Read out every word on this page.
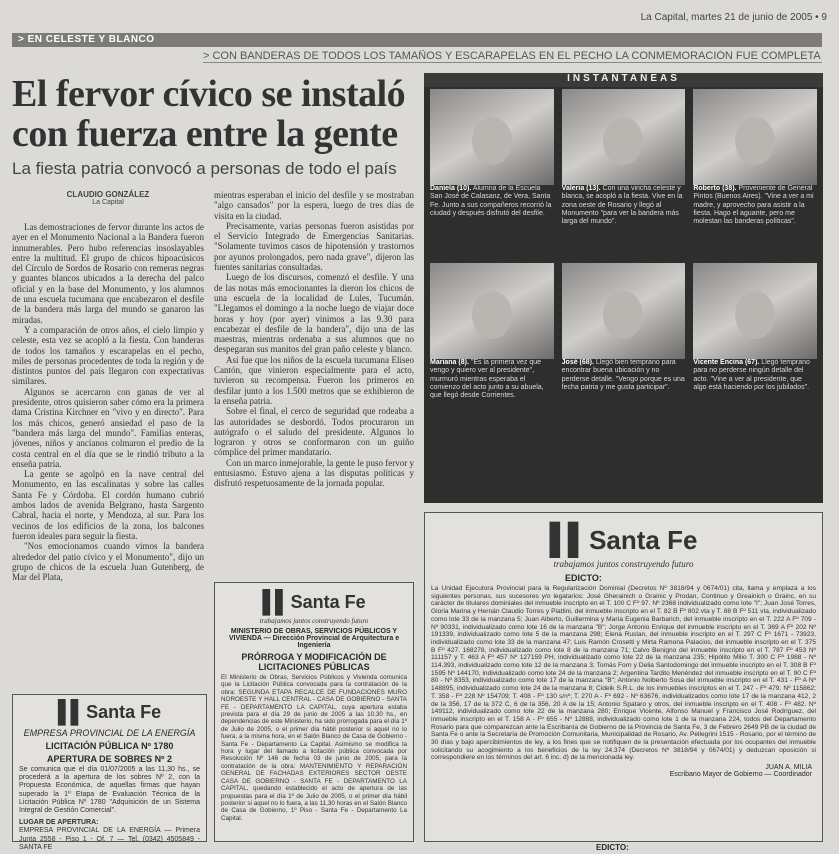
La Capital, martes 21 de junio de 2005 • 9
> EN CELESTE Y BLANCO
> CON BANDERAS DE TODOS LOS TAMAÑOS Y ESCARAPELAS EN EL PECHO LA CONMEMORACIÓN FUE COMPLETA
El fervor cívico se instaló con fuerza entre la gente
La fiesta patria convocó a personas de todo el país
CLAUDIO GONZÁLEZ
La Capital

Las demostraciones de fervor durante los actos de ayer en el Monumento Nacional a la Bandera fueron innumerables. Pero hubo referencias insoslayables entre la multitud. El grupo de chicos hipoacúsicos del Círculo de Sordos de Rosario con remeras negras y guantes blancos ubicados a la derecha del palco oficial y en la base del Monumento, y los alumnos de una escuela tucumana que encabezaron el desfile de la bandera más larga del mundo se ganaron las miradas.

Y a comparación de otros años, el cielo limpio y celeste, esta vez se acopló a la fiesta. Con banderas de todos los tamaños y escarapelas en el pecho, miles de personas procedentes de toda la región y de distintos puntos del país llegaron con expectativas similares.

Algunos se acercaron con ganas de ver al presidente, otros quisieron saber cómo era la primera dama Cristina Kirchner en "vivo y en directo". Para los más chicos, generó ansiedad el paso de la "bandera más larga del mundo". Familias enteras, jóvenes, niños y ancianos colmaron el predio de la costa central en el día que se le rindió tributo a la enseña patria.

La gente se agolpó en la nave central del Monumento, en las escalinatas y sobre las calles Santa Fe y Córdoba. El cordón humano cubrió ambos lados de avenida Belgrano, hasta Sargento Cabral, hacia el norte, y Mendoza, al sur. Para los vecinos de los edificios de la zona, los balcones fueron ideales para seguir la fiesta.

"Nos emocionamos cuando vimos la bandera alrededor del patio cívico y el Monumento", dijo un grupo de chicos de la escuela Juan Gutenberg, de Mar del Plata,

mientras esperaban el inicio del desfile y se mostraban "algo cansados" por la espera, luego de tres días de visita en la ciudad.

Precisamente, varias personas fueron asistidas por el Servicio Integrado de Emergencias Sanitarias. "Solamente tuvimos casos de hipotensión y trastornos por ayunos prolongados, pero nada grave", dijeron las fuentes sanitarias consultadas.

Luego de los discursos, comenzó el desfile. Y una de las notas más emocionantes la dieron los chicos de una escuela de la localidad de Lules, Tucumán. "Llegamos el domingo a la noche luego de viajar doce horas y hoy (por ayer) vinimos a las 9.30 para encabezar el desfile de la bandera", dijo una de las maestras, mientras ordenaba a sus alumnos que no despegaran sus manitos del gran paño celeste y blanco.

Así fue que los niños de la escuela tucumana Eliseo Cantón, que vinieron especialmente para el acto, tuvieron su recompensa. Fueron los primeros en desfilar junto a los 1.500 metros que se exhibieron de la enseña patria.

Sobre el final, el cerco de seguridad que rodeaba a las autoridades se desbordó. Todos procuraron un autógrafo o el saludo del presidente. Algunos lo lograron y otros se conformaron con un guiño cómplice del primer mandatario.

Con un marco inmejorable, la gente le puso fervor y entusiasmo. Estuvo ajena a las disputas políticas y disfrutó respetuosamente de la jornada popular.

INSTANTANEAS
Daniela (10). Alumna de la Escuela San José de Calasanz, de Vera, Santa Fe. Junto a sus compañeros recorrió la ciudad y después disfrutó del desfile.
Valeria (13). Con una vincha celeste y blanca, se acopló a la fiesta. Vive en la zona oeste de Rosario y llegó al Monumento "para ver la bandera más larga del mundo".
Roberto (38). Proveniente de General Pintos (Buenos Aires). "Vine a ver a mi madre, y aprovecho para asistir a la fiesta. Hago el aguante, pero me molestan las banderas políticas".
Mariana (8). "Es la primera vez que vengo y quiero ver al presidente", murmuró mientras esperaba el comienzo del acto junto a su abuela, que llegó desde Corrientes.
José (68). Llegó bien temprano para encontrar buena ubicación y no perderse detalle. "Vengo porque es una fecha patria y me gusta participar".
Vicente Encina (67). Llegó temprano para no perderse ningún detalle del acto. "Vine a ver al presidente, que algo está haciendo por los jubilados".
▌▌ Santa Fe
EMPRESA PROVINCIAL DE LA ENERGÍA
LICITACIÓN PÚBLICA Nº 1780
APERTURA DE SOBRES Nº 2
Se comunica que el día 01/07/2005 a las 11,30 hs., se procederá a la apertura de los sobres Nº 2, con la Propuesta Económica, de aquellas firmas que hayan superado la 1º Etapa de Evaluación Técnica de la Licitación Pública Nº 1780 "Adquisición de un Sistema Integral de Gestión Comercial".
LUGAR DE APERTURA:
EMPRESA PROVINCIAL DE LA ENERGÍA — Primera Junta 2558 - Piso 1 - Of. 7 — Tel. (0342) 4505849 - SANTA FE
▌▌ Santa Fe
trabajamos juntos construyendo futuro
MINISTERIO DE OBRAS, SERVICIOS PÚBLICOS Y VIVIENDA — Dirección Provincial de Arquitectura e Ingeniería
PRÓRROGA Y MODIFICACIÓN DE LICITACIONES PÚBLICAS
El Ministerio de Obras, Servicios Públicos y Vivienda comunica que la Licitación Pública convocada para la contratación de la obra: SEGUNDA ETAPA RECALCE DE FUNDACIONES MURO NOROESTE Y HALL CENTRAL - CASA DE GOBIERNO - SANTA FE - DEPARTAMENTO LA CAPITAL, cuya apertura estaba prevista para el día 29 de junio de 2005 a las 10.30 hs., en dependencias de este Ministerio, ha sido prorrogada para el día 1º de Julio de 2005, o el primer día hábil posterior si aquel no lo fuera, a la misma hora, en el Salón Blanco de Casa de Gobierno - Santa Fe - Departamento La Capital. Asimismo se modifica la hora y lugar del llamado a licitación pública convocada por Resolución Nº 146 de fecha 03 de junio de 2005, para la contratación de la obra: MANTENIMIENTO Y REPARACIÓN GENERAL DE FACHADAS EXTERIORES SECTOR OESTE CASA DE GOBIERNO - SANTA FE - DEPARTAMENTO LA CAPITAL, quedando establecido el acto de apertura de las propuestas para el día 1º de Julio de 2005, o el primer día hábil posterior si aquel no lo fuera, a las 11,30 horas en el Salón Blanco de Casa de Gobierno, 1º Piso - Santa Fe - Departamento La Capital.
▌▌ Santa Fe
trabajamos juntos construyendo futuro
EDICTO:
La Unidad Ejecutora Provincial para la Regularización Dominial (Decretos Nº 3818/94 y 0674/01) cita, llama y emplaza a los siguientes personas, sus sucesores y/o legatarios: José Gherainich o Grainic y Prodan, Continuo y Greainich o Grainc, en su carácter de titulares dominiales del inmueble inscripto en el T. 100 C Fº 97. Nº 2368 individualizado como lote "I"; Juan José Torres, Gloria Marina y Hernán Claudio Torres y Piattini, del inmueble inscripto en el T. 82 B Fº 802 vta y T. 88 B Fº 511 vta, individualizado como lote 33 de la manzana 5; Juan Alberto, Guillermina y María Eugenia Barbarich, del inmueble inscripto en el T. 222 A Fº 709 - Nº 90331, individualizado como lote 16 de la manzana "B"; Jorge Antonio Enrique del inmueble inscripto en el T. 369 A Fº 202 Nº 191339, individualizado como lote 5 de la manzana 298; Elena Ruslan, del inmueble inscripto en el T. 297 C Fº 1671 - 73923, individualizado como lote 33 de la manzana 47; Luis Ramón Crosetti y Mirta Ramona Palacios, del inmueble inscripto en el T. 375 B Fº 427. 168278, individualizado como lote 8 de la manzana 71; Calvo Benigno del inmueble inscripto en el T. 787 Fº 453 Nº 111157 y T. 463 A Fº 457 Nº 127159 PH, individualizado como lote 22 de la manzana 235; Hipólito Milio T. 300 C Fº 1988 - Nº 114.393, individualizado como lote 12 de la manzana 3; Tomás Forn y Delia Santodomingo del inmueble inscripto en el T. 308 B Fº 1595 Nº 144170, individualizado como lote 24 de la manzana 2; Argentina Tardito Menéndez del inmueble inscripto en el T. 90 C Fº 80 - Nº 8353, individualizado como lote 17 de la manzana "B"; Antonio Nolberto Sosa del inmueble inscripto en el T. 431 - Fº A Nº 148895, individualizado como lote 24 de la manzana 8; Cideik S.R.L. de los inmuebles inscriptos en el T. 247 - Fº 479. Nº 115862; T. 358 - Fº 228 Nº 154709; T. 408 - Fº 130 s/nº; T. 270 A - Fº 692 - Nº 63676, individualizados como lote 17 de la manzana 412, 2 de la 356, 17 de la 372 C, 6 de la 356, 20 A de la 15; Antonio Spataro y otros, del inmueble inscripto en el T. 408 - Fº 482. Nº 149112, individualizado como lote 22 de la manzana 280; Enrique Vicente, Alfonso Manuel y Francisco José Rodríguez, del inmueble inscripto en el T. 158 A - Fº 655 - Nº 12888, individualizado como lote 1 de la manzana 224, todos del Departamento Rosario para que comparezcan ante la Escribanía de Gobierno de la Provincia de Santa Fe, 3 de Febrero 2649 PB de la ciudad de Santa Fe o ante la Secretaría de Promoción Comunitaria, Municipalidad de Rosario, Av. Pellegrini 1515 - Rosario, por el término de 30 días y bajo apercibimientos de ley, a los fines que se notifiquen de la presentación efectuada por los ocupantes del inmueble solicitando su acogimiento a los beneficios de la ley 24.374 (Decretos Nº 3818/94 y 0674/01) y deduzcan oposición si correspondiere en los términos del art. 6 inc. d) de la mencionada ley.
JUAN A. MILIA
Escribano Mayor de Gobierno — Coordinador
EDICTO:
